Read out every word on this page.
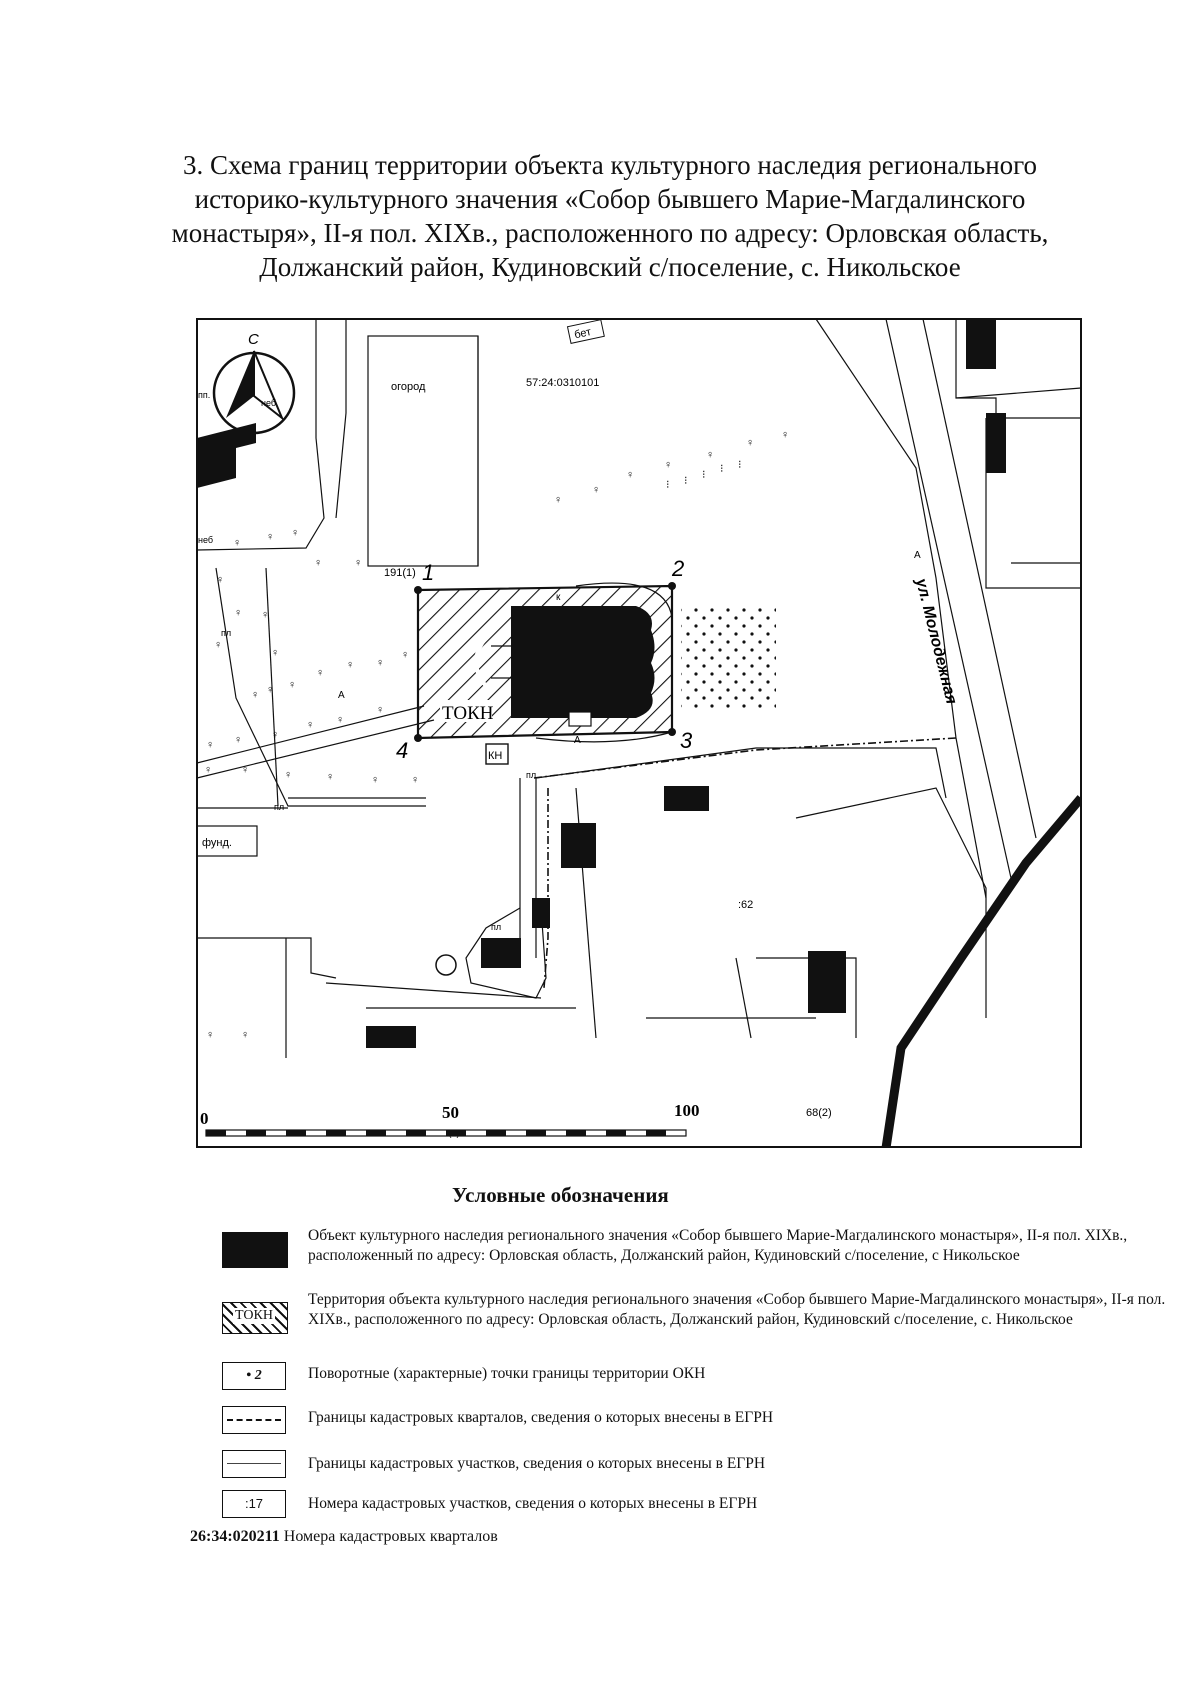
3. Схема границ территории объекта культурного наследия регионального историко-культурного значения «Собор бывшего Марие-Магдалинского монастыря», II-я пол. XIXв., расположенного по адресу: Орловская область, Должанский район, Кудиновский с/поселение, с. Никольское
С
1	2
3
4
ТОКН
КН
♀ ♀ ♀
♀	♀
♀
♀
♀
♀
♀
♀ ♀ ♀
♀
♀ ♀
♀
♀ ♀	♀
♀ ♀
♀
♀	♀	♀	♀	♀	♀
♀
♀
♀
♀
♀
♀
♀
⁝ ⁝ ⁝ ⁝ ⁝
♀ ♀
огород	57:24:0310101
бет
пп.
неб
неб
пл
пл
пл
пл
фунд.
А
А
А
к
191(1)
:62
68(2)
ул. Молодежная
0	50	100
Условные обозначения
Объект культурного наследия регионального значения «Собор бывшего Марие-Магдалинского монастыря», II-я пол. XIXв., расположенный по адресу: Орловская область, Должанский район, Кудиновский с/поселение, с Никольское
ТОКН
Территория объекта культурного наследия регионального значения «Собор бывшего Марие-Магдалинского монастыря», II-я пол. XIXв., расположенного по адресу: Орловская область, Должанский район, Кудиновский с/поселение, с. Никольское
• 2	Поворотные (характерные) точки границы территории ОКН
Границы кадастровых кварталов, сведения о которых внесены в ЕГРН
Границы кадастровых участков, сведения о которых внесены в ЕГРН
:17	Номера кадастровых участков, сведения о которых внесены в ЕГРН
26:34:020211 Номера кадастровых кварталов
